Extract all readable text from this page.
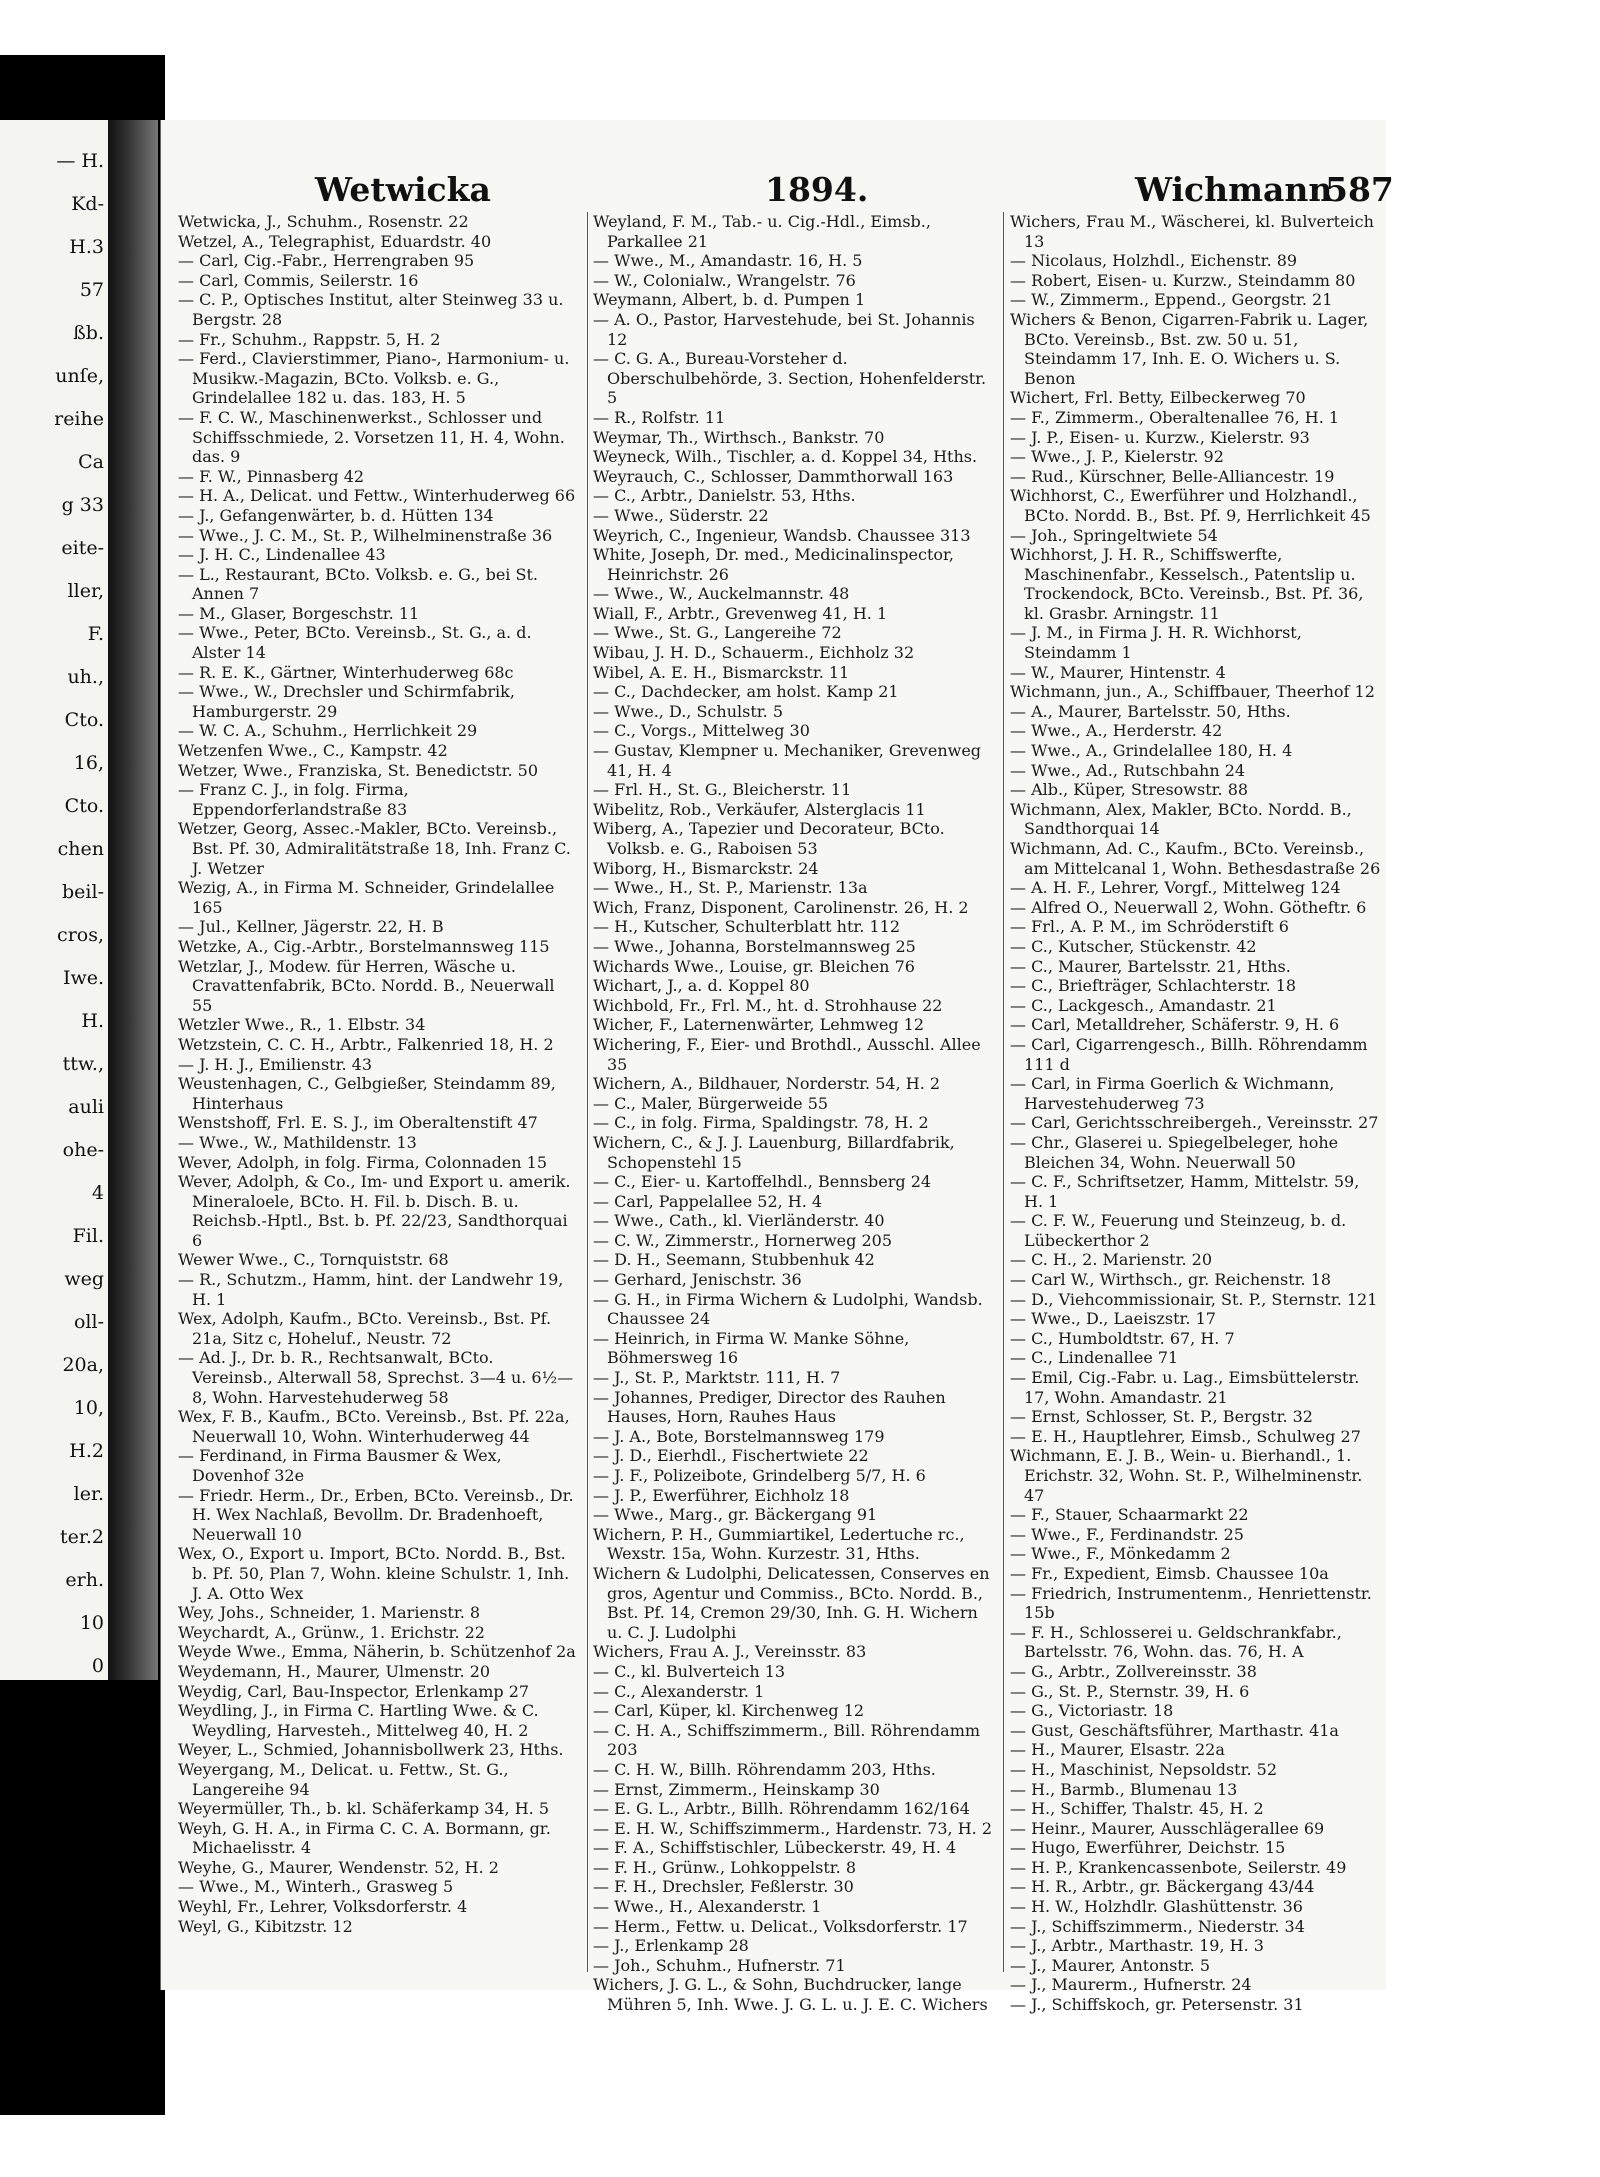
— H.
Kd-
H.3
57
ßb.
unſe,
reihe
Ca
g 33
eite-
ller,
F.
uh.,
Cto.
16,
Cto.
chen
beil-
cros,
Iwe.
H.
ttw.,
auli
ohe-
4
Fil.
weg
oll-
20a,
10,
H.2
ler.
ter.2
erh.
10
0
Wetwicka	1894.	Wichmann
587
Wetwicka, J., Schuhm., Rosenstr. 22
Wetzel, A., Telegraphist, Eduardstr. 40
— Carl, Cig.-Fabr., Herrengraben 95
— Carl, Commis, Seilerstr. 16
— C. P., Optisches Institut, alter Steinweg 33 u. Bergstr. 28
— Fr., Schuhm., Rappstr. 5, H. 2
— Ferd., Clavierstimmer, Piano-, Harmonium- u. Musikw.-Magazin, BCto. Volksb. e. G., Grindelallee 182 u. das. 183, H. 5
— F. C. W., Maschinenwerkst., Schlosser und Schiffsschmiede, 2. Vorsetzen 11, H. 4, Wohn. das. 9
— F. W., Pinnasberg 42
— H. A., Delicat. und Fettw., Winterhuderweg 66
— J., Gefangenwärter, b. d. Hütten 134
— Wwe., J. C. M., St. P., Wilhelminenstraße 36
— J. H. C., Lindenallee 43
— L., Restaurant, BCto. Volksb. e. G., bei St. Annen 7
— M., Glaser, Borgeschstr. 11
— Wwe., Peter, BCto. Vereinsb., St. G., a. d. Alster 14
— R. E. K., Gärtner, Winterhuderweg 68c
— Wwe., W., Drechsler und Schirmfabrik, Hamburgerstr. 29
— W. C. A., Schuhm., Herrlichkeit 29
Wetzenfen Wwe., C., Kampstr. 42
Wetzer, Wwe., Franziska, St. Benedictstr. 50
— Franz C. J., in folg. Firma, Eppendorferlandstraße 83
Wetzer, Georg, Assec.-Makler, BCto. Vereinsb., Bst. Pf. 30, Admiralitätstraße 18, Inh. Franz C. J. Wetzer
Wezig, A., in Firma M. Schneider, Grindelallee 165
— Jul., Kellner, Jägerstr. 22, H. B
Wetzke, A., Cig.-Arbtr., Borstelmannsweg 115
Wetzlar, J., Modew. für Herren, Wäsche u. Cravattenfabrik, BCto. Nordd. B., Neuerwall 55
Wetzler Wwe., R., 1. Elbstr. 34
Wetzstein, C. C. H., Arbtr., Falkenried 18, H. 2
— J. H. J., Emilienstr. 43
Weustenhagen, C., Gelbgießer, Steindamm 89, Hinterhaus
Wenstshoff, Frl. E. S. J., im Oberaltenstift 47
— Wwe., W., Mathildenstr. 13
Wever, Adolph, in folg. Firma, Colonnaden 15
Wever, Adolph, & Co., Im- und Export u. amerik. Mineraloele, BCto. H. Fil. b. Disch. B. u. Reichsb.-Hptl., Bst. b. Pf. 22/23, Sandthorquai 6
Wewer Wwe., C., Tornquiststr. 68
— R., Schutzm., Hamm, hint. der Landwehr 19, H. 1
Wex, Adolph, Kaufm., BCto. Vereinsb., Bst. Pf. 21a, Sitz c, Hoheluf., Neustr. 72
— Ad. J., Dr. b. R., Rechtsanwalt, BCto. Vereinsb., Alterwall 58, Sprechst. 3—4 u. 6½—8, Wohn. Harvestehuderweg 58
Wex, F. B., Kaufm., BCto. Vereinsb., Bst. Pf. 22a, Neuerwall 10, Wohn. Winterhuderweg 44
— Ferdinand, in Firma Bausmer & Wex, Dovenhof 32e
— Friedr. Herm., Dr., Erben, BCto. Vereinsb., Dr. H. Wex Nachlaß, Bevollm. Dr. Bradenhoeft, Neuerwall 10
Wex, O., Export u. Import, BCto. Nordd. B., Bst. b. Pf. 50, Plan 7, Wohn. kleine Schulstr. 1, Inh. J. A. Otto Wex
Wey, Johs., Schneider, 1. Marienstr. 8
Weychardt, A., Grünw., 1. Erichstr. 22
Weyde Wwe., Emma, Näherin, b. Schützenhof 2a
Weydemann, H., Maurer, Ulmenstr. 20
Weydig, Carl, Bau-Inspector, Erlenkamp 27
Weydling, J., in Firma C. Hartling Wwe. & C. Weydling, Harvesteh., Mittelweg 40, H. 2
Weyer, L., Schmied, Johannisbollwerk 23, Hths.
Weyergang, M., Delicat. u. Fettw., St. G., Langereihe 94
Weyermüller, Th., b. kl. Schäferkamp 34, H. 5
Weyh, G. H. A., in Firma C. C. A. Bormann, gr. Michaelisstr. 4
Weyhe, G., Maurer, Wendenstr. 52, H. 2
— Wwe., M., Winterh., Grasweg 5
Weyhl, Fr., Lehrer, Volksdorferstr. 4
Weyl, G., Kibitzstr. 12
Weyland, F. M., Tab.- u. Cig.-Hdl., Eimsb., Parkallee 21
— Wwe., M., Amandastr. 16, H. 5
— W., Colonialw., Wrangelstr. 76
Weymann, Albert, b. d. Pumpen 1
— A. O., Pastor, Harvestehude, bei St. Johannis 12
— C. G. A., Bureau-Vorsteher d. Oberschulbehörde, 3. Section, Hohenfelderstr. 5
— R., Rolfstr. 11
Weymar, Th., Wirthsch., Bankstr. 70
Weyneck, Wilh., Tischler, a. d. Koppel 34, Hths.
Weyrauch, C., Schlosser, Dammthorwall 163
— C., Arbtr., Danielstr. 53, Hths.
— Wwe., Süderstr. 22
Weyrich, C., Ingenieur, Wandsb. Chaussee 313
White, Joseph, Dr. med., Medicinalinspector, Heinrichstr. 26
— Wwe., W., Auckelmannstr. 48
Wiall, F., Arbtr., Grevenweg 41, H. 1
— Wwe., St. G., Langereihe 72
Wibau, J. H. D., Schauerm., Eichholz 32
Wibel, A. E. H., Bismarckstr. 11
— C., Dachdecker, am holst. Kamp 21
— Wwe., D., Schulstr. 5
— C., Vorgs., Mittelweg 30
— Gustav, Klempner u. Mechaniker, Grevenweg 41, H. 4
— Frl. H., St. G., Bleicherstr. 11
Wibelitz, Rob., Verkäufer, Alsterglacis 11
Wiberg, A., Tapezier und Decorateur, BCto. Volksb. e. G., Raboisen 53
Wiborg, H., Bismarckstr. 24
— Wwe., H., St. P., Marienstr. 13a
Wich, Franz, Disponent, Carolinenstr. 26, H. 2
— H., Kutscher, Schulterblatt htr. 112
— Wwe., Johanna, Borstelmannsweg 25
Wichards Wwe., Louise, gr. Bleichen 76
Wichart, J., a. d. Koppel 80
Wichbold, Fr., Frl. M., ht. d. Strohhause 22
Wicher, F., Laternenwärter, Lehmweg 12
Wichering, F., Eier- und Brothdl., Ausschl. Allee 35
Wichern, A., Bildhauer, Norderstr. 54, H. 2
— C., Maler, Bürgerweide 55
— C., in folg. Firma, Spaldingstr. 78, H. 2
Wichern, C., & J. J. Lauenburg, Billardfabrik, Schopenstehl 15
— C., Eier- u. Kartoffelhdl., Bennsberg 24
— Carl, Pappelallee 52, H. 4
— Wwe., Cath., kl. Vierländerstr. 40
— C. W., Zimmerstr., Hornerweg 205
— D. H., Seemann, Stubbenhuk 42
— Gerhard, Jenischstr. 36
— G. H., in Firma Wichern & Ludolphi, Wandsb. Chaussee 24
— Heinrich, in Firma W. Manke Söhne, Böhmersweg 16
— J., St. P., Marktstr. 111, H. 7
— Johannes, Prediger, Director des Rauhen Hauses, Horn, Rauhes Haus
— J. A., Bote, Borstelmannsweg 179
— J. D., Eierhdl., Fischertwiete 22
— J. F., Polizeibote, Grindelberg 5/7, H. 6
— J. P., Ewerführer, Eichholz 18
— Wwe., Marg., gr. Bäckergang 91
Wichern, P. H., Gummiartikel, Ledertuche rc., Wexstr. 15a, Wohn. Kurzestr. 31, Hths.
Wichern & Ludolphi, Delicatessen, Conserves en gros, Agentur und Commiss., BCto. Nordd. B., Bst. Pf. 14, Cremon 29/30, Inh. G. H. Wichern u. C. J. Ludolphi
Wichers, Frau A. J., Vereinsstr. 83
— C., kl. Bulverteich 13
— C., Alexanderstr. 1
— Carl, Küper, kl. Kirchenweg 12
— C. H. A., Schiffszimmerm., Bill. Röhrendamm 203
— C. H. W., Billh. Röhrendamm 203, Hths.
— Ernst, Zimmerm., Heinskamp 30
— E. G. L., Arbtr., Billh. Röhrendamm 162/164
— E. H. W., Schiffszimmerm., Hardenstr. 73, H. 2
— F. A., Schiffstischler, Lübeckerstr. 49, H. 4
— F. H., Grünw., Lohkoppelstr. 8
— F. H., Drechsler, Feßlerstr. 30
— Wwe., H., Alexanderstr. 1
— Herm., Fettw. u. Delicat., Volksdorferstr. 17
— J., Erlenkamp 28
— Joh., Schuhm., Hufnerstr. 71
Wichers, J. G. L., & Sohn, Buchdrucker, lange Mühren 5, Inh. Wwe. J. G. L. u. J. E. C. Wichers
Wichers, Frau M., Wäscherei, kl. Bulverteich 13
— Nicolaus, Holzhdl., Eichenstr. 89
— Robert, Eisen- u. Kurzw., Steindamm 80
— W., Zimmerm., Eppend., Georgstr. 21
Wichers & Benon, Cigarren-Fabrik u. Lager, BCto. Vereinsb., Bst. zw. 50 u. 51, Steindamm 17, Inh. E. O. Wichers u. S. Benon
Wichert, Frl. Betty, Eilbeckerweg 70
— F., Zimmerm., Oberaltenallee 76, H. 1
— J. P., Eisen- u. Kurzw., Kielerstr. 93
— Wwe., J. P., Kielerstr. 92
— Rud., Kürschner, Belle-Alliancestr. 19
Wichhorst, C., Ewerführer und Holzhandl., BCto. Nordd. B., Bst. Pf. 9, Herrlichkeit 45
— Joh., Springeltwiete 54
Wichhorst, J. H. R., Schiffswerfte, Maschinenfabr., Kesselsch., Patentslip u. Trockendock, BCto. Vereinsb., Bst. Pf. 36, kl. Grasbr. Arningstr. 11
— J. M., in Firma J. H. R. Wichhorst, Steindamm 1
— W., Maurer, Hintenstr. 4
Wichmann, jun., A., Schiffbauer, Theerhof 12
— A., Maurer, Bartelsstr. 50, Hths.
— Wwe., A., Herderstr. 42
— Wwe., A., Grindelallee 180, H. 4
— Wwe., Ad., Rutschbahn 24
— Alb., Küper, Stresowstr. 88
Wichmann, Alex, Makler, BCto. Nordd. B., Sandthorquai 14
Wichmann, Ad. C., Kaufm., BCto. Vereinsb., am Mittelcanal 1, Wohn. Bethesdastraße 26
— A. H. F., Lehrer, Vorgf., Mittelweg 124
— Alfred O., Neuerwall 2, Wohn. Götheftr. 6
— Frl., A. P. M., im Schröderstift 6
— C., Kutscher, Stückenstr. 42
— C., Maurer, Bartelsstr. 21, Hths.
— C., Briefträger, Schlachterstr. 18
— C., Lackgesch., Amandastr. 21
— Carl, Metalldreher, Schäferstr. 9, H. 6
— Carl, Cigarrengesch., Billh. Röhrendamm 111 d
— Carl, in Firma Goerlich & Wichmann, Harvestehuderweg 73
— Carl, Gerichtsschreibergeh., Vereinsstr. 27
— Chr., Glaserei u. Spiegelbeleger, hohe Bleichen 34, Wohn. Neuerwall 50
— C. F., Schriftsetzer, Hamm, Mittelstr. 59, H. 1
— C. F. W., Feuerung und Steinzeug, b. d. Lübeckerthor 2
— C. H., 2. Marienstr. 20
— Carl W., Wirthsch., gr. Reichenstr. 18
— D., Viehcommissionair, St. P., Sternstr. 121
— Wwe., D., Laeiszstr. 17
— C., Humboldtstr. 67, H. 7
— C., Lindenallee 71
— Emil, Cig.-Fabr. u. Lag., Eimsbüttelerstr. 17, Wohn. Amandastr. 21
— Ernst, Schlosser, St. P., Bergstr. 32
— E. H., Hauptlehrer, Eimsb., Schulweg 27
Wichmann, E. J. B., Wein- u. Bierhandl., 1. Erichstr. 32, Wohn. St. P., Wilhelminenstr. 47
— F., Stauer, Schaarmarkt 22
— Wwe., F., Ferdinandstr. 25
— Wwe., F., Mönkedamm 2
— Fr., Expedient, Eimsb. Chaussee 10a
— Friedrich, Instrumentenm., Henriettenstr. 15b
— F. H., Schlosserei u. Geldschrankfabr., Bartelsstr. 76, Wohn. das. 76, H. A
— G., Arbtr., Zollvereinsstr. 38
— G., St. P., Sternstr. 39, H. 6
— G., Victoriastr. 18
— Gust, Geschäftsführer, Marthastr. 41a
— H., Maurer, Elsastr. 22a
— H., Maschinist, Nepsoldstr. 52
— H., Barmb., Blumenau 13
— H., Schiffer, Thalstr. 45, H. 2
— Heinr., Maurer, Ausschlägerallee 69
— Hugo, Ewerführer, Deichstr. 15
— H. P., Krankencassenbote, Seilerstr. 49
— H. R., Arbtr., gr. Bäckergang 43/44
— H. W., Holzhdlr. Glashüttenstr. 36
— J., Schiffszimmerm., Niederstr. 34
— J., Arbtr., Marthastr. 19, H. 3
— J., Maurer, Antonstr. 5
— J., Maurerm., Hufnerstr. 24
— J., Schiffskoch, gr. Petersenstr. 31
